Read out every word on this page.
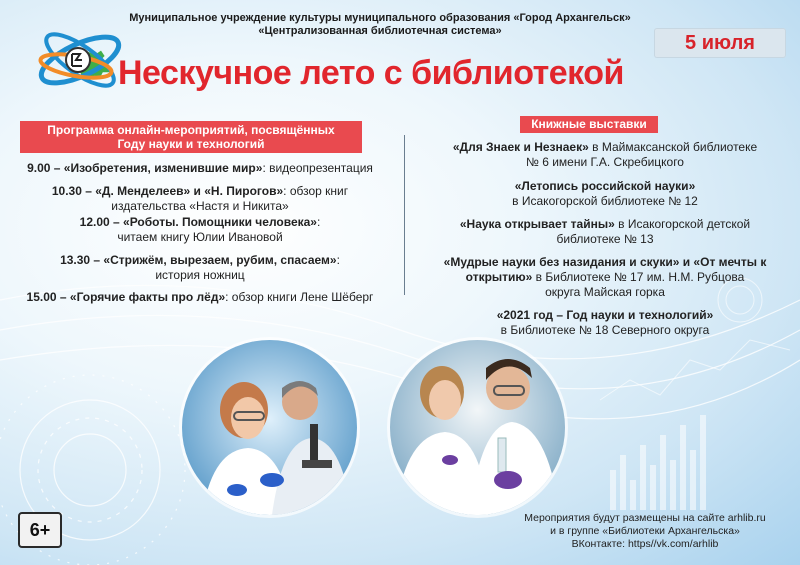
Муниципальное учреждение культуры муниципального образования «Город Архангельск»
«Централизованная библиотечная система»
5 июля
Нескучное лето с библиотекой
Программа онлайн-мероприятий, посвящённых
Году науки и технологий
9.00 – «Изобретения, изменившие мир»: видеопрезентация
10.30 – «Д. Менделеев» и «Н. Пирогов»: обзор книг
издательства «Настя и Никита»
12.00 – «Роботы. Помощники человека»:
читаем книгу Юлии Ивановой
13.30 – «Стрижём, вырезаем, рубим, спасаем»:
история ножниц
15.00 – «Горячие факты про лёд»: обзор книги Лене Шёберг
Книжные выставки
«Для Знаек и Незнаек» в Маймаксанской библиотеке
№ 6 имени Г.А. Скребицкого
«Летопись российской науки»
в Исакогорской библиотеке № 12
«Наука открывает тайны» в Исакогорской детской
библиотеке № 13
«Мудрые науки без назидания и скуки» и «От мечты к
открытию» в Библиотеке № 17 им. Н.М. Рубцова
округа Майская горка
«2021 год – Год науки и технологий»
в Библиотеке № 18 Северного округа
6+
Мероприятия будут размещены на сайте arhlib.ru
и в группе «Библиотеки Архангельска»
ВКонтакте: https//vk.com/arhlib
